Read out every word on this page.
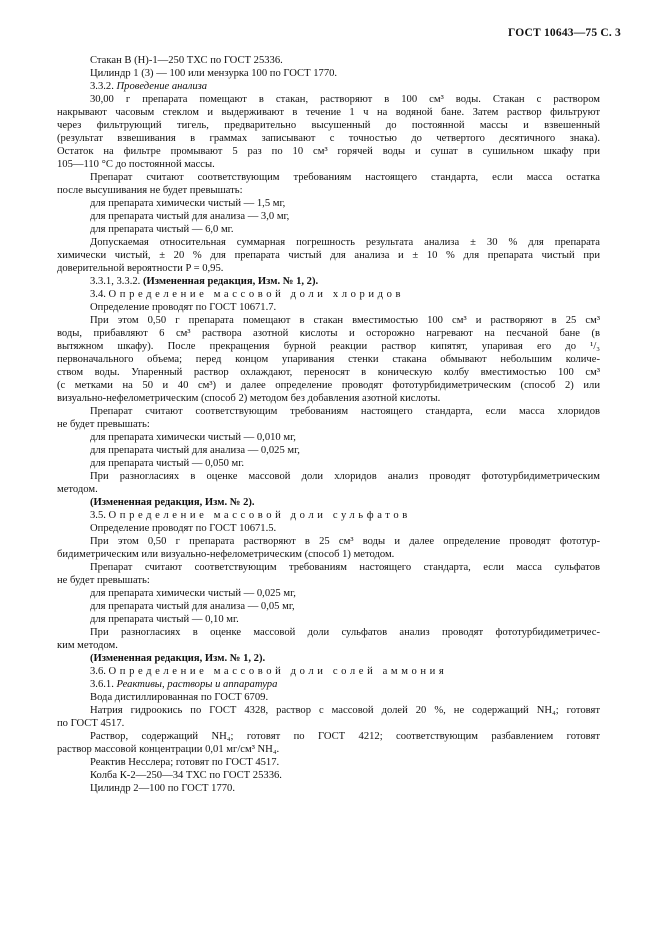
ГОСТ 10643—75 С. 3

Стакан В (Н)-1—250 ТХС по ГОСТ 25336.

Цилиндр 1 (3) — 100 или мензурка 100 по ГОСТ 1770.

3.3.2. Проведение анализа

30,00 г препарата помещают в стакан, растворяют в 100 см³ воды. Стакан с раствором

накрывают часовым стеклом и выдерживают в течение 1 ч на водяной бане. Затем раствор фильтруют

через фильтрующий тигель, предварительно высушенный до постоянной массы и взвешенный

(результат взвешивания в граммах записывают с точностью до четвертого десятичного знака).

Остаток на фильтре промывают 5 раз по 10 см³ горячей воды и сушат в сушильном шкафу при

105—110 °С до постоянной массы.

Препарат считают соответствующим требованиям настоящего стандарта, если масса остатка

после высушивания не будет превышать:

для препарата химически чистый — 1,5 мг,

для препарата чистый для анализа — 3,0 мг,

для препарата чистый — 6,0 мг.

Допускаемая относительная суммарная погрешность результата анализа ± 30 % для препарата

химически чистый, ± 20 % для препарата чистый для анализа и ± 10 % для препарата чистый при

доверительной вероятности P = 0,95.

3.3.1, 3.3.2. (Измененная редакция, Изм. № 1, 2).

3.4. Определение массовой доли хлоридов

Определение проводят по ГОСТ 10671.7.

При этом 0,50 г препарата помещают в стакан вместимостью 100 см³ и растворяют в 25 см³

воды, прибавляют 6 см³ раствора азотной кислоты и осторожно нагревают на песчаной бане (в

вытяжном шкафу). После прекращения бурной реакции раствор кипятят, упаривая его до ¹/₃

первоначального объема; перед концом упаривания стенки стакана обмывают небольшим количе-

ством воды. Упаренный раствор охлаждают, переносят в коническую колбу вместимостью 100 см³

(с метками на 50 и 40 см³) и далее определение проводят фототурбидиметрическим (способ 2) или

визуально-нефелометрическим (способ 2) методом без добавления азотной кислоты.

Препарат считают соответствующим требованиям настоящего стандарта, если масса хлоридов

не будет превышать:

для препарата химически чистый — 0,010 мг,

для препарата чистый для анализа — 0,025 мг,

для препарата чистый — 0,050 мг.

При разногласиях в оценке массовой доли хлоридов анализ проводят фототурбидиметрическим

методом.

(Измененная редакция, Изм. № 2).

3.5. Определение массовой доли сульфатов

Определение проводят по ГОСТ 10671.5.

При этом 0,50 г препарата растворяют в 25 см³ воды и далее определение проводят фототур-

бидиметрическим или визуально-нефелометрическим (способ 1) методом.

Препарат считают соответствующим требованиям настоящего стандарта, если масса сульфатов

не будет превышать:

для препарата химически чистый — 0,025 мг,

для препарата чистый для анализа — 0,05 мг,

для препарата чистый — 0,10 мг.

При разногласиях в оценке массовой доли сульфатов анализ проводят фототурбидиметричес-

ким методом.

(Измененная редакция, Изм. № 1, 2).

3.6. Определение массовой доли солей аммония

3.6.1. Реактивы, растворы и аппаратура

Вода дистиллированная по ГОСТ 6709.

Натрия гидроокись по ГОСТ 4328, раствор с массовой долей 20 %, не содержащий NH₄; готовят

по ГОСТ 4517.

Раствор, содержащий NH₄; готовят по ГОСТ 4212; соответствующим разбавлением готовят

раствор массовой концентрации 0,01 мг/см³ NH₄.

Реактив Несслера; готовят по ГОСТ 4517.

Колба К-2—250—34 ТХС по ГОСТ 25336.

Цилиндр 2—100 по ГОСТ 1770.
